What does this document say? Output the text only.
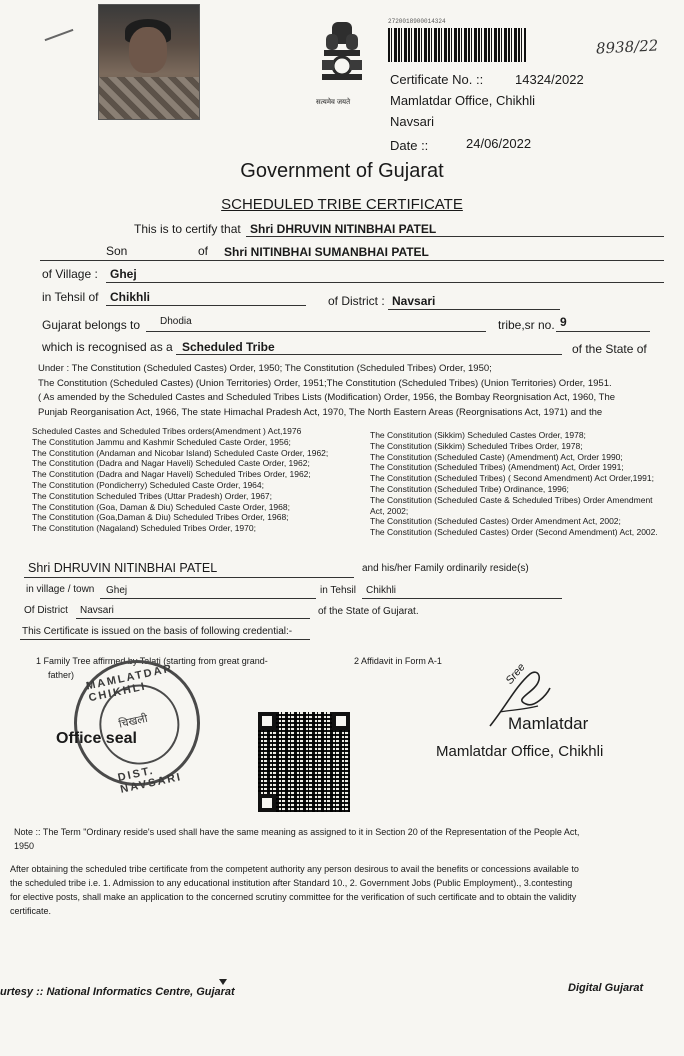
सत्यमेव जयते
2720018900014324
8938/22
Certificate No. :: 14324/2022
Mamlatdar Office, Chikhli
Navsari
Date ::	24/06/2022
Government of Gujarat
SCHEDULED TRIBE CERTIFICATE
This is to certify that Shri DHRUVIN NITINBHAI PATEL
Son	of Shri NITINBHAI SUMANBHAI PATEL
of Village : Ghej
in Tehsil of Chikhli	of District : Navsari
Gujarat belongs to Dhodia	tribe,sr no. 9
which is recognised as a Scheduled Tribe	of the State of
Under : The Constitution (Scheduled Castes) Order, 1950; The Constitution (Scheduled Tribes) Order, 1950;
The Constitution (Scheduled Castes) (Union Territories) Order, 1951;The Constitution (Scheduled Tribes) (Union Territories) Order, 1951.
( As amended by the Scheduled Castes and Scheduled Tribes Lists (Modification) Order, 1956, the Bombay Reorgnisation Act, 1960, The
Punjab Reorganisation Act, 1966, The state Himachal Pradesh Act, 1970, The North Eastern Areas (Reorgnisations Act, 1971) and the
Scheduled Castes and Scheduled Tribes orders(Amendment ) Act,1976
The Constitution Jammu and Kashmir Scheduled Caste Order, 1956;
The Constitution (Andaman and Nicobar Island) Scheduled Caste Order, 1962;
The Constitution (Dadra and Nagar Haveli) Scheduled Caste Order, 1962;
The Constitution (Dadra and Nagar Haveli) Scheduled Tribes Order, 1962;
The Constitution (Pondicherry) Scheduled Caste Order, 1964;
The Constitution Scheduled Tribes (Uttar Pradesh) Order, 1967;
The Constitution (Goa, Daman & Diu) Scheduled Caste Order, 1968;
The Constitution (Goa,Daman & Diu) Scheduled Tribes Order, 1968;
The Constitution (Nagaland) Scheduled Tribes Order, 1970;
The Constitution (Sikkim) Scheduled Castes Order, 1978;
The Constitution (Sikkim) Scheduled Tribes Order, 1978;
The Constitution (Scheduled Caste) (Amendment) Act, Order 1990;
The Constitution (Scheduled Tribes) (Amendment) Act, Order 1991;
The Constitution (Scheduled Tribes) ( Second Amendment) Act Order,1991;
The Constitution (Scheduled Tribe) Ordinance, 1996;
The Constitution (Scheduled Caste & Scheduled Tribes) Order Amendment
Act, 2002;
The Constitution (Scheduled Castes) Order Amendment Act, 2002;
The Constitution (Scheduled Castes) Order (Second Amendment) Act, 2002.
Shri DHRUVIN NITINBHAI PATEL	and his/her Family ordinarily reside(s)
in village / town Ghej	in Tehsil Chikhli
Of District Navsari	of the State of Gujarat.
This Certificate is issued on the basis of following credential:-
1 Family Tree affirmed by Talati (starting from great grand-
father)
2 Affidavit in Form A-1
MAMLATDAR CHIKHLI
चिखली
DIST. NAVSARI
Office seal
Sree
Mamlatdar
Mamlatdar Office, Chikhli
Note :: The Term "Ordinary reside's used shall have the same meaning as assigned to it in Section 20 of the Representation of the People Act,
1950
After obtaining the scheduled tribe certificate from the competent authority any person desirous to avail the benefits or concessions available to
the scheduled tribe i.e. 1. Admission to any educational institution after Standard 10., 2. Government Jobs (Public Employment)., 3.contesting
for elective posts, shall make an application to the concerned scrutiny committee for the verification of such certificate and to obtain the validity
certificate.
urtesy :: National Informatics Centre, Gujarat	Digital Gujarat
